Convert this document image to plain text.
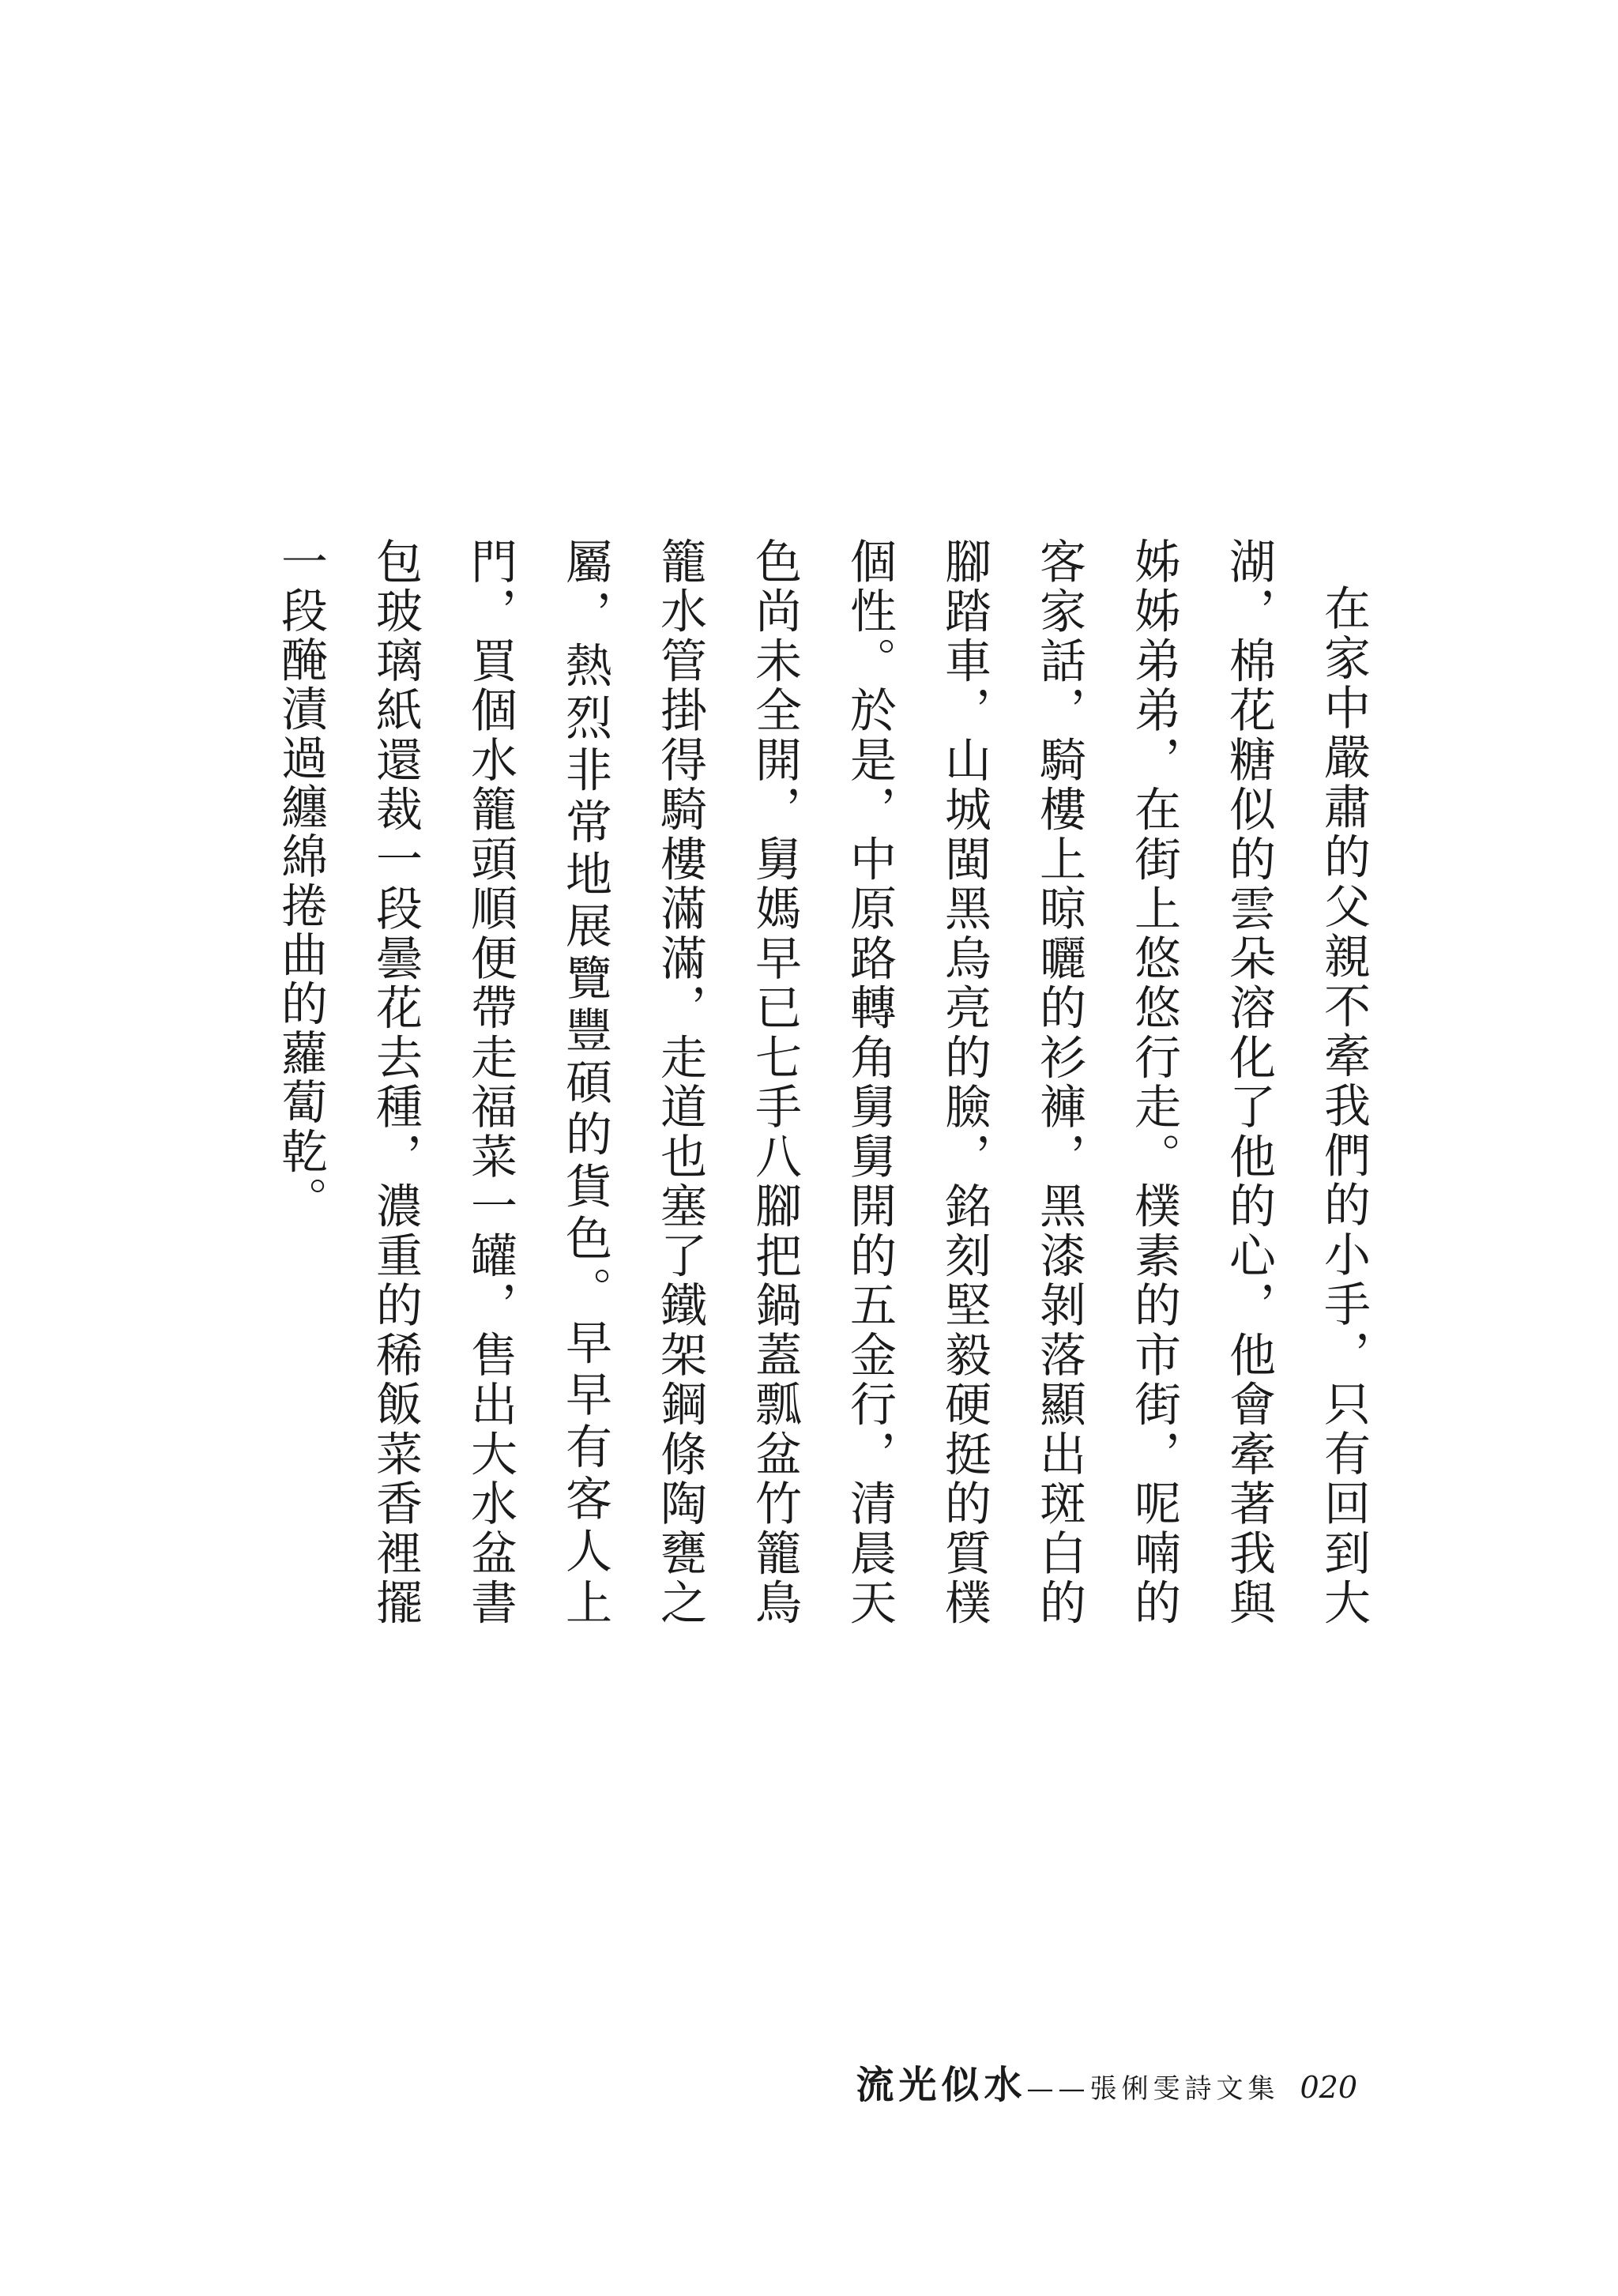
在家中嚴肅的父親不牽我們的小手，只有回到大湖，棉花糖似的雲朵溶化了他的心，他會牽著我與姊姊弟弟，在街上悠悠行走。樸素的市街，呢喃的客家話，騎樓上晾曬的衫褲，黑漆剝落顯出斑白的腳踏車，山城閩黑烏亮的臉，銘刻堅毅硬挺的質樸個性。於是，中原路轉角舅舅開的五金行，清晨天色尚未全開，舅媽早已七手八腳把鍋蓋瓢盆竹籠鳥籠水管掛得騎樓滿滿，走道也塞了鐵架鋼條陶甕之屬，熱烈非常地展覽豐碩的貨色。早早有客人上門，買個水籠頭順便帶走福菜一罐，售出大水盆書包玻璃紙還裁一段曇花去種，濃重的稀飯菜香裡擺一段醃漬過纏綿捲曲的蘿蔔乾。

流光似水 ——張俐雯詩文集 020
